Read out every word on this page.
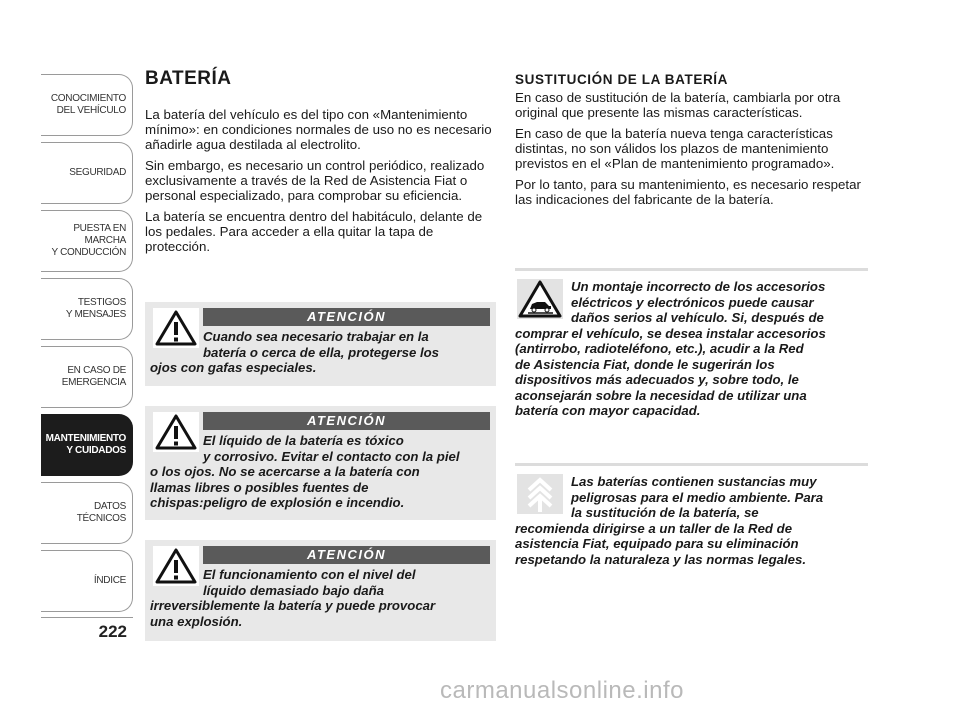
CONOCIMIENTO
DEL VEHÍCULO
SEGURIDAD
PUESTA EN
MARCHA
Y CONDUCCIÓN
TESTIGOS
Y MENSAJES
EN CASO DE
EMERGENCIA
MANTENIMIENTO
Y CUIDADOS
DATOS
TÉCNICOS
ÍNDICE
222
BATERÍA

La batería del vehículo es del tipo con «Mantenimiento mínimo»: en condiciones normales de uso no es necesario añadirle agua destilada al electrolito.

Sin embargo, es necesario un control periódico, realizado exclusivamente a través de la Red de Asistencia Fiat o personal especializado, para comprobar su eficiencia.

La batería se encuentra dentro del habitáculo, delante de los pedales. Para acceder a ella quitar la tapa de protección.

ATENCIÓN
Cuando sea necesario trabajar en la
batería o cerca de ella, protegerse los
ojos con gafas especiales.
ATENCIÓN
El líquido de la batería es tóxico
y corrosivo. Evitar el contacto con la piel
o los ojos. No se acercarse a la batería con
llamas libres o posibles fuentes de
chispas:peligro de explosión e incendio.
ATENCIÓN
El funcionamiento con el nivel del
líquido demasiado bajo daña
irreversiblemente la batería y puede provocar
una explosión.
SUSTITUCIÓN DE LA BATERÍA

En caso de sustitución de la batería, cambiarla por otra original que presente las mismas características.

En caso de que la batería nueva tenga características distintas, no son válidos los plazos de mantenimiento previstos en el «Plan de mantenimiento programado».

Por lo tanto, para su mantenimiento, es necesario respetar las indicaciones del fabricante de la batería.

Un montaje incorrecto de los accesorios
eléctricos y electrónicos puede causar
daños serios al vehículo. Si, después de
comprar el vehículo, se desea instalar accesorios
(antirrobo, radioteléfono, etc.), acudir a la Red
de Asistencia Fiat, donde le sugerirán los
dispositivos más adecuados y, sobre todo, le
aconsejarán sobre la necesidad de utilizar una
batería con mayor capacidad.
Las baterías contienen sustancias muy
peligrosas para el medio ambiente. Para
la sustitución de la batería, se
recomienda dirigirse a un taller de la Red de
asistencia Fiat, equipado para su eliminación
respetando la naturaleza y las normas legales.
carmanualsonline.info
